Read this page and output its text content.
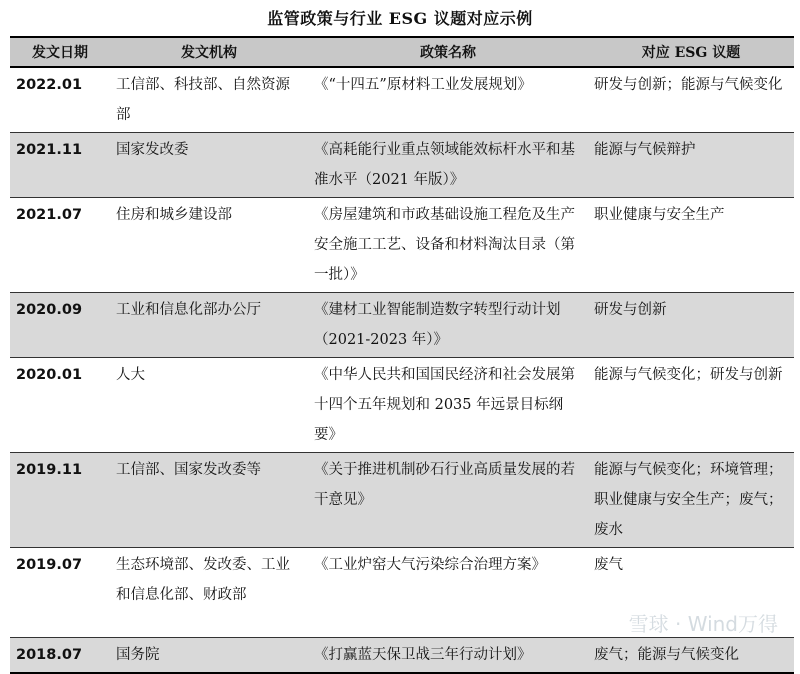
监管政策与行业 ESG 议题对应示例
发文日期	发文机构	政策名称	对应 ESG 议题
2022.01	工信部、科技部、自然资源部	《“十四五”原材料工业发展规划》	研发与创新；能源与气候变化
2021.11	国家发改委	《高耗能行业重点领域能效标杆水平和基准水平（2021 年版）》	能源与气候辩护
2021.07	住房和城乡建设部	《房屋建筑和市政基础设施工程危及生产安全施工工艺、设备和材料淘汰目录（第一批）》	职业健康与安全生产
2020.09	工业和信息化部办公厅	《建材工业智能制造数字转型行动计划（2021-2023 年）》	研发与创新
2020.01	人大	《中华人民共和国国民经济和社会发展第十四个五年规划和 2035 年远景目标纲要》	能源与气候变化；研发与创新
2019.11	工信部、国家发改委等	《关于推进机制砂石行业高质量发展的若干意见》	能源与气候变化；环境管理；职业健康与安全生产；废气；废水
2019.07	生态环境部、发改委、工业和信息化部、财政部	《工业炉窑大气污染综合治理方案》	废气
2018.07	国务院	《打赢蓝天保卫战三年行动计划》	废气；能源与气候变化
雪球 · Wind万得
